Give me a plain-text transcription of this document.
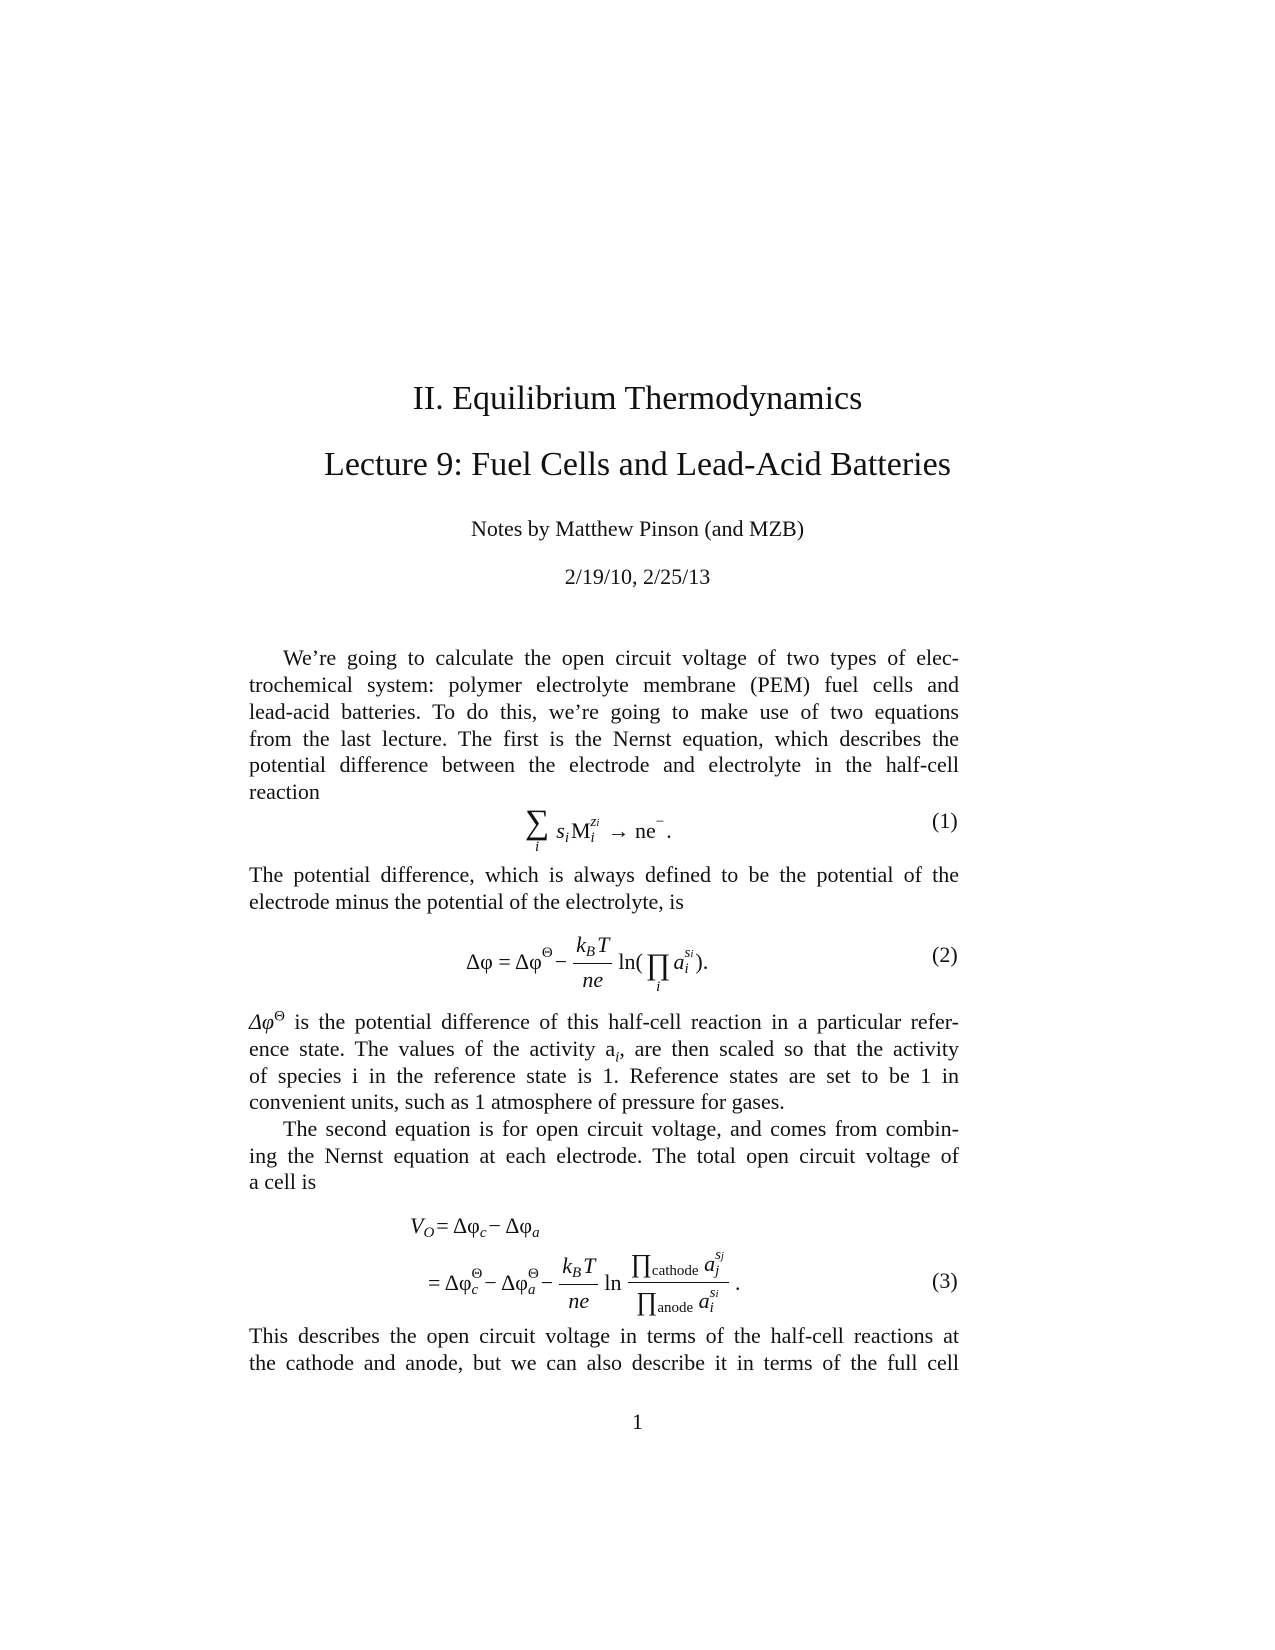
II. Equilibrium Thermodynamics
Lecture 9: Fuel Cells and Lead-Acid Batteries
Notes by Matthew Pinson (and MZB)
2/19/10, 2/25/13
We’re going to calculate the open circuit voltage of two types of elec-
trochemical system: polymer electrolyte membrane (PEM) fuel cells and
lead-acid batteries. To do this, we’re going to make use of two equations
from the last lecture. The first is the Nernst equation, which describes the
potential difference between the electrode and electrolyte in the half-cell
reaction
∑
i
s i M zi
i → ne −
.	(1)
The potential difference, which is always defined to be the potential of the
electrode minus the potential of the electrolyte, is
Δφ = Δφ Θ
− k
B T
ne ln( ∏
i
a si
i ).	(2)
$\Delta\varphi^\Theta$ is the potential difference of this half-cell reaction in a particular refer-
ence state. The values of the activity $a_i$, are then scaled so that the activity
of species i in the reference state is 1. Reference states are set to be 1 in
convenient units, such as 1 atmosphere of pressure for gases.
The second equation is for open circuit voltage, and comes from combin-
ing the Nernst equation at each electrode. The total open circuit voltage of
a cell is
V
O = Δφ
c − Δφ
a
= Δφ Θ
c − Δφ Θ
a − k
B T
ne ln ∏ cathode
a sj
j
∏ anode
a si
i .	(3)
This describes the open circuit voltage in terms of the half-cell reactions at
the cathode and anode, but we can also describe it in terms of the full cell
1
